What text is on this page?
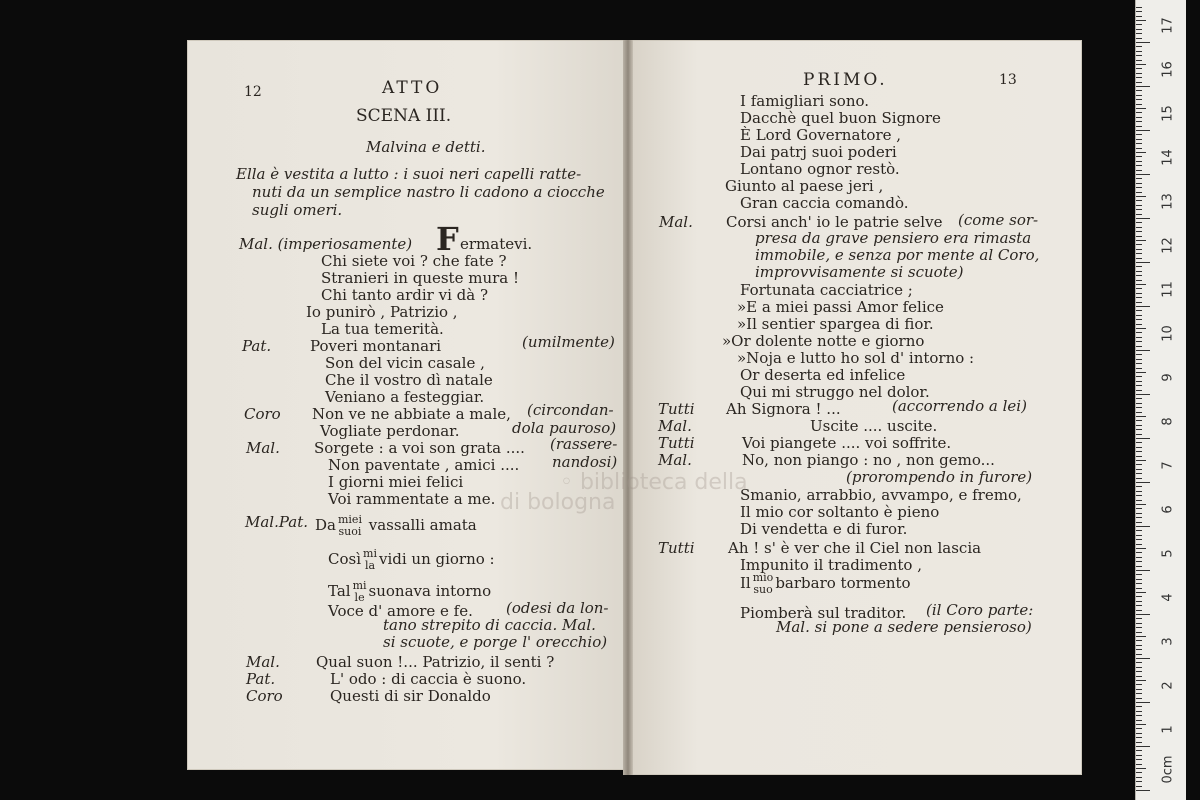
◦ biblioteca della
di bologna
12	ATTO
SCENA III.
Malvina e detti.
Ella è vestita a lutto : i suoi neri capelli ratte-
nuti da un semplice nastro li cadono a ciocche
sugli omeri.
Mal. (imperiosamente) F ermatevi.
Chi siete voi ? che fate ?
Stranieri in queste mura !
Chi tanto ardir vi dà ?
Io punirò , Patrizio ,
La tua temerità.
Pat.	Poveri montanari	(umilmente)
Son del vicin casale ,
Che il vostro dì natale
Veniano a festeggiar.
Coro Non ve ne abbiate a male, (circondan-
Vogliate perdonar.	dola pauroso)
Mal. Sorgete : a voi son grata .... (rassere-
Non paventate , amici .... nandosi)
I giorni miei felici
Voi rammentate a me.
Mal.Pat. Da miei
suoi vassalli amata
Così mi
la vidi un giorno :
Tal mi
le suonava intorno
Voce d' amore e fe. (odesi da lon-
tano strepito di caccia. Mal.
si scuote, e porge l' orecchio)
Mal. Qual suon !... Patrizio, il senti ?
Pat.	L' odo : di caccia è suono.
Coro	Questi di sir Donaldo
PRIMO.	13
I famigliari sono.
Dacchè quel buon Signore
È Lord Governatore ,
Dai patrj suoi poderi
Lontano ognor restò.
Giunto al paese jeri ,
Gran caccia comandò.
Mal. Corsi anch' io le patrie selve (come sor-
presa da grave pensiero era rimasta
immobile, e senza por mente al Coro,
improvvisamente si scuote)
Fortunata cacciatrice ;
»E a miei passi Amor felice
»Il sentier spargea di fior.
»Or dolente notte e giorno
»Noja e lutto ho sol d' intorno :
Or deserta ed infelice
Qui mi struggo nel dolor.
Tutti Ah Signora ! ...	(accorrendo a lei)
Mal.	Uscite .... uscite.
Tutti	Voi piangete .... voi soffrite.
Mal.	No, non piango : no , non gemo...
(prorompendo in furore)
Smanio, arrabbio, avvampo, e fremo,
Il mio cor soltanto è pieno
Di vendetta e di furor.
Tutti Ah ! s' è ver che il Ciel non lascia
Impunito il tradimento ,
Il mio
suo barbaro tormento
Piomberà sul traditor. (il Coro parte:
Mal. si pone a sedere pensieroso)
0cm
1
2
3
4
5
6
7
8
9
10
11
12
13
14
15
16
17
